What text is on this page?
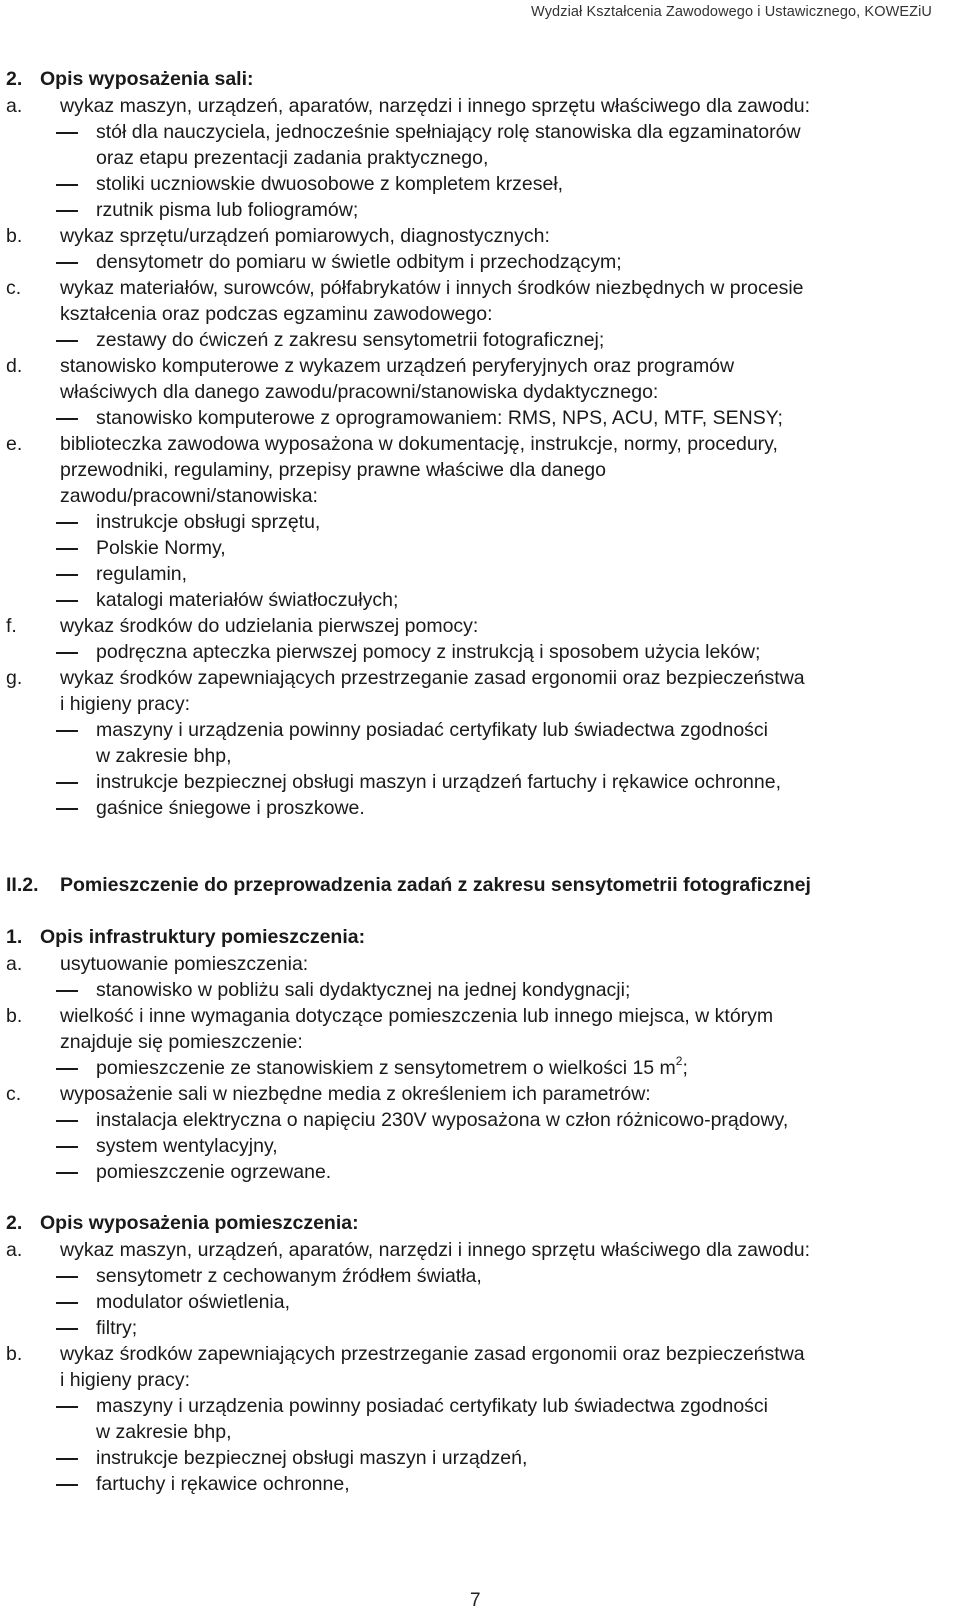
Wydział Kształcenia Zawodowego i Ustawicznego, KOWEZiU
2. Opis wyposażenia sali:
a. wykaz maszyn, urządzeń, aparatów, narzędzi i innego sprzętu właściwego dla zawodu:
stół dla nauczyciela, jednocześnie spełniający rolę stanowiska dla egzaminatorów
oraz etapu prezentacji zadania praktycznego,
stoliki uczniowskie dwuosobowe z kompletem krzeseł,
rzutnik pisma lub foliogramów;
b. wykaz sprzętu/urządzeń pomiarowych, diagnostycznych:
densytometr do pomiaru w świetle odbitym i przechodzącym;
c. wykaz materiałów, surowców, półfabrykatów i innych środków niezbędnych w procesie
kształcenia oraz podczas egzaminu zawodowego:
zestawy do ćwiczeń z zakresu sensytometrii fotograficznej;
d. stanowisko komputerowe z wykazem urządzeń peryferyjnych oraz programów
właściwych dla danego zawodu/pracowni/stanowiska dydaktycznego:
stanowisko komputerowe z oprogramowaniem: RMS, NPS, ACU, MTF, SENSY;
e. biblioteczka zawodowa wyposażona w dokumentację, instrukcje, normy, procedury,
przewodniki, regulaminy, przepisy prawne właściwe dla danego
zawodu/pracowni/stanowiska:
instrukcje obsługi sprzętu,
Polskie Normy,
regulamin,
katalogi materiałów światłoczułych;
f. wykaz środków do udzielania pierwszej pomocy:
podręczna apteczka pierwszej pomocy z instrukcją i sposobem użycia leków;
g. wykaz środków zapewniających przestrzeganie zasad ergonomii oraz bezpieczeństwa
i higieny pracy:
maszyny i urządzenia powinny posiadać certyfikaty lub świadectwa zgodności
w zakresie bhp,
instrukcje bezpiecznej obsługi maszyn i urządzeń fartuchy i rękawice ochronne,
gaśnice śniegowe i proszkowe.
II.2. Pomieszczenie do przeprowadzenia zadań z zakresu sensytometrii fotograficznej
1. Opis infrastruktury pomieszczenia:
a. usytuowanie pomieszczenia:
stanowisko w pobliżu sali dydaktycznej na jednej kondygnacji;
b. wielkość i inne wymagania dotyczące pomieszczenia lub innego miejsca, w którym
znajduje się pomieszczenie:
pomieszczenie ze stanowiskiem z sensytometrem o wielkości 15 $m^2$;
c. wyposażenie sali w niezbędne media z określeniem ich parametrów:
instalacja elektryczna o napięciu 230V wyposażona w człon różnicowo-prądowy,
system wentylacyjny,
pomieszczenie ogrzewane.
2. Opis wyposażenia pomieszczenia:
a. wykaz maszyn, urządzeń, aparatów, narzędzi i innego sprzętu właściwego dla zawodu:
sensytometr z cechowanym źródłem światła,
modulator oświetlenia,
filtry;
b. wykaz środków zapewniających przestrzeganie zasad ergonomii oraz bezpieczeństwa
i higieny pracy:
maszyny i urządzenia powinny posiadać certyfikaty lub świadectwa zgodności
w zakresie bhp,
instrukcje bezpiecznej obsługi maszyn i urządzeń,
fartuchy i rękawice ochronne,
7
